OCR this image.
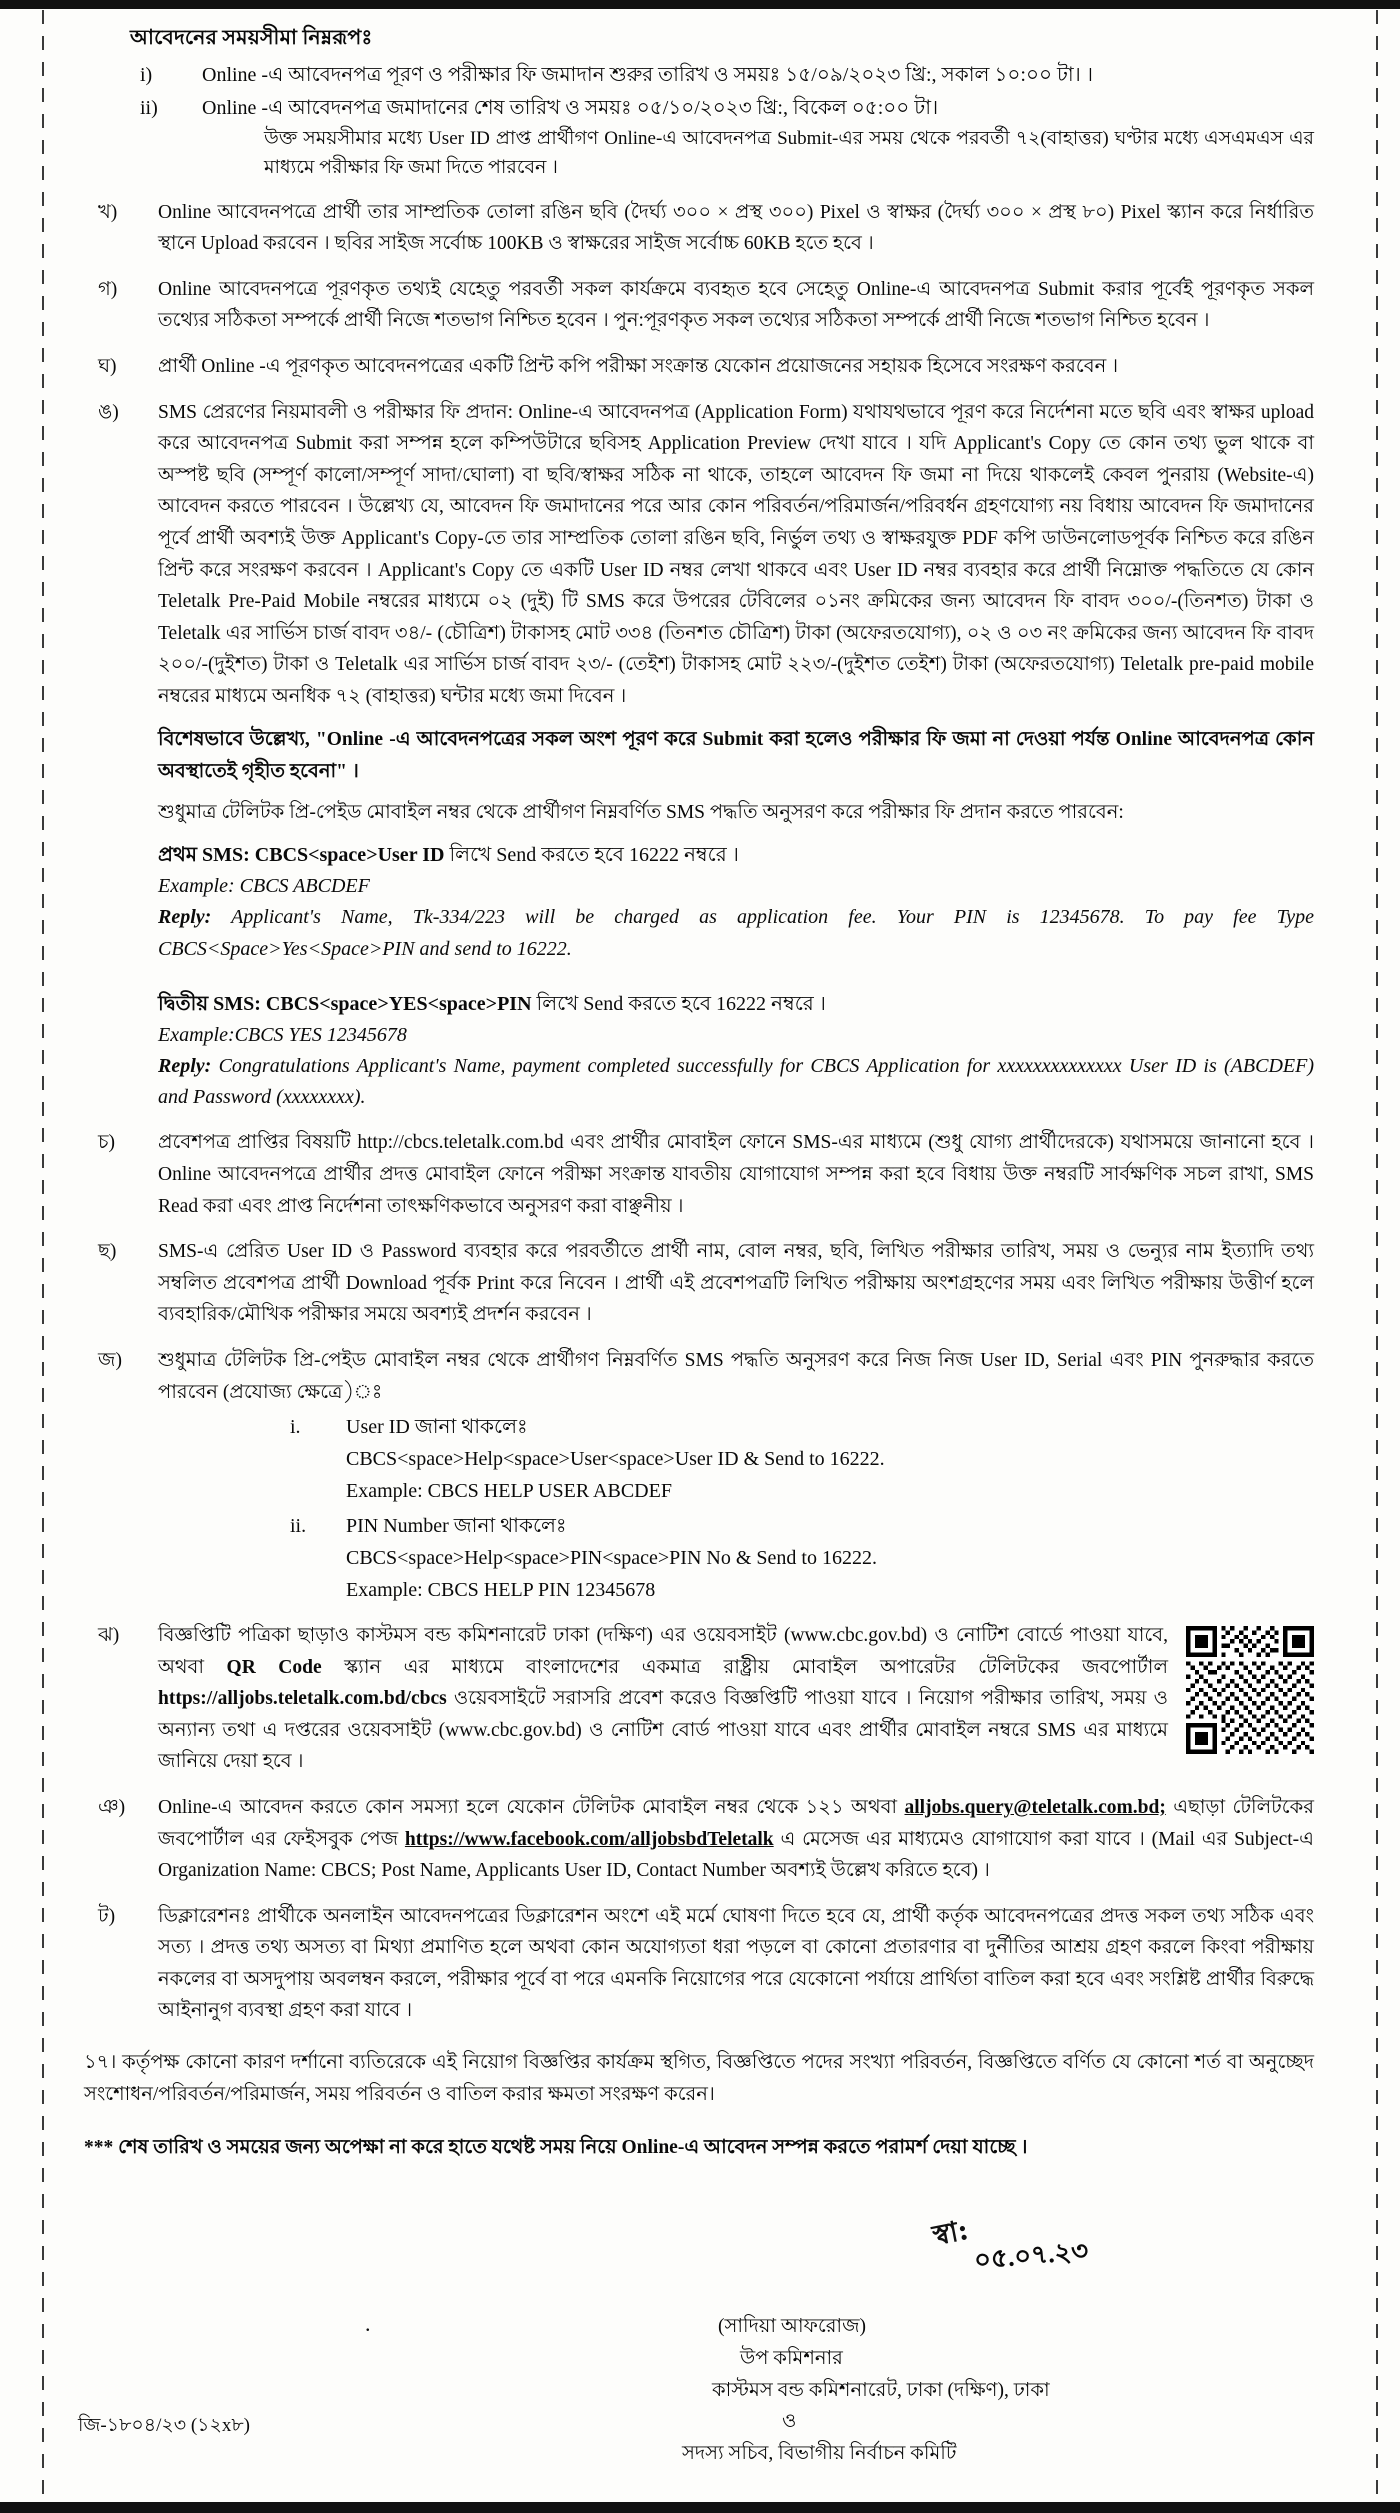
আবেদনের সময়সীমা নিম্নরূপঃ
i)	Online -এ আবেদনপত্র পূরণ ও পরীক্ষার ফি জমাদান শুরুর তারিখ ও সময়ঃ ১৫/০৯/২০২৩ খ্রি:, সকাল ১০:০০ টা। ।
ii)	Online -এ আবেদনপত্র জমাদানের শেষ তারিখ ও সময়ঃ ০৫/১০/২০২৩ খ্রি:, বিকেল ০৫:০০ টা।
উক্ত সময়সীমার মধ্যে User ID প্রাপ্ত প্রার্থীগণ Online-এ আবেদনপত্র Submit-এর সময় থেকে পরবর্তী ৭২(বাহাত্তর) ঘণ্টার মধ্যে এসএমএস এর মাধ্যমে পরীক্ষার ফি জমা দিতে পারবেন ।
খ)	Online আবেদনপত্রে প্রার্থী তার সাম্প্রতিক তোলা রঙিন ছবি (দৈর্ঘ্য ৩০০ × প্রস্থ ৩০০) Pixel ও স্বাক্ষর (দৈর্ঘ্য ৩০০ × প্রস্থ ৮০) Pixel স্ক্যান করে নির্ধারিত স্থানে Upload করবেন । ছবির সাইজ সর্বোচ্চ 100KB ও স্বাক্ষরের সাইজ সর্বোচ্চ 60KB হতে হবে ।
গ)	Online আবেদনপত্রে পূরণকৃত তথ্যই যেহেতু পরবর্তী সকল কার্যক্রমে ব্যবহৃত হবে সেহেতু Online-এ আবেদনপত্র Submit করার পূর্বেই পূরণকৃত সকল তথ্যের সঠিকতা সম্পর্কে প্রার্থী নিজে শতভাগ নিশ্চিত হবেন । পুন:পূরণকৃত সকল তথ্যের সঠিকতা সম্পর্কে প্রার্থী নিজে শতভাগ নিশ্চিত হবেন ।
ঘ)	প্রার্থী Online -এ পূরণকৃত আবেদনপত্রের একটি প্রিন্ট কপি পরীক্ষা সংক্রান্ত যেকোন প্রয়োজনের সহায়ক হিসেবে সংরক্ষণ করবেন ।
ঙ)	SMS প্রেরণের নিয়মাবলী ও পরীক্ষার ফি প্রদান: Online-এ আবেদনপত্র (Application Form) যথাযথভাবে পূরণ করে নির্দেশনা মতে ছবি এবং স্বাক্ষর upload করে আবেদনপত্র Submit করা সম্পন্ন হলে কম্পিউটারে ছবিসহ Application Preview দেখা যাবে । যদি Applicant's Copy তে কোন তথ্য ভুল থাকে বা অস্পষ্ট ছবি (সম্পূর্ণ কালো/সম্পূর্ণ সাদা/ঘোলা) বা ছবি/স্বাক্ষর সঠিক না থাকে, তাহলে আবেদন ফি জমা না দিয়ে থাকলেই কেবল পুনরায় (Website-এ) আবেদন করতে পারবেন । উল্লেখ্য যে, আবেদন ফি জমাদানের পরে আর কোন পরিবর্তন/পরিমার্জন/পরিবর্ধন গ্রহণযোগ্য নয় বিধায় আবেদন ফি জমাদানের পূর্বে প্রার্থী অবশ্যই উক্ত Applicant's Copy-তে তার সাম্প্রতিক তোলা রঙিন ছবি, নির্ভুল তথ্য ও স্বাক্ষরযুক্ত PDF কপি ডাউনলোডপূর্বক নিশ্চিত করে রঙিন প্রিন্ট করে সংরক্ষণ করবেন । Applicant's Copy তে একটি User ID নম্বর লেখা থাকবে এবং User ID নম্বর ব্যবহার করে প্রার্থী নিম্নোক্ত পদ্ধতিতে যে কোন Teletalk Pre-Paid Mobile নম্বরের মাধ্যমে ০২ (দুই) টি SMS করে উপরের টেবিলের ০১নং ক্রমিকের জন্য আবেদন ফি বাবদ ৩০০/-(তিনশত) টাকা ও Teletalk এর সার্ভিস চার্জ বাবদ ৩৪/- (চৌত্রিশ) টাকাসহ মোট ৩৩৪ (তিনশত চৌত্রিশ) টাকা (অফেরতযোগ্য), ০২ ও ০৩ নং ক্রমিকের জন্য আবেদন ফি বাবদ ২০০/-(দুইশত) টাকা ও Teletalk এর সার্ভিস চার্জ বাবদ ২৩/- (তেইশ) টাকাসহ মোট ২২৩/-(দুইশত তেইশ) টাকা (অফেরতযোগ্য) Teletalk pre-paid mobile নম্বরের মাধ্যমে অনধিক ৭২ (বাহাত্তর) ঘন্টার মধ্যে জমা দিবেন ।
বিশেষভাবে উল্লেখ্য, "Online -এ আবেদনপত্রের সকল অংশ পূরণ করে Submit করা হলেও পরীক্ষার ফি জমা না দেওয়া পর্যন্ত Online আবেদনপত্র কোন অবস্থাতেই গৃহীত হবেনা" ।
শুধুমাত্র টেলিটক প্রি-পেইড মোবাইল নম্বর থেকে প্রার্থীগণ নিম্নবর্ণিত SMS পদ্ধতি অনুসরণ করে পরীক্ষার ফি প্রদান করতে পারবেন:
প্রথম SMS: CBCS<space>User ID লিখে Send করতে হবে 16222 নম্বরে ।
Example: CBCS ABCDEF
Reply: Applicant's Name, Tk-334/223 will be charged as application fee. Your PIN is 12345678. To pay fee Type CBCS<Space>Yes<Space>PIN and send to 16222.
দ্বিতীয় SMS: CBCS<space>YES<space>PIN লিখে Send করতে হবে 16222 নম্বরে ।
Example:CBCS YES 12345678
Reply: Congratulations Applicant's Name, payment completed successfully for CBCS Application for xxxxxxxxxxxxxx User ID is (ABCDEF) and Password (xxxxxxxx).
চ)	প্রবেশপত্র প্রাপ্তির বিষয়টি http://cbcs.teletalk.com.bd এবং প্রার্থীর মোবাইল ফোনে SMS-এর মাধ্যমে (শুধু যোগ্য প্রার্থীদেরকে) যথাসময়ে জানানো হবে । Online আবেদনপত্রে প্রার্থীর প্রদত্ত মোবাইল ফোনে পরীক্ষা সংক্রান্ত যাবতীয় যোগাযোগ সম্পন্ন করা হবে বিধায় উক্ত নম্বরটি সার্বক্ষণিক সচল রাখা, SMS Read করা এবং প্রাপ্ত নির্দেশনা তাৎক্ষণিকভাবে অনুসরণ করা বাঞ্ছনীয় ।
ছ)	SMS-এ প্রেরিত User ID ও Password ব্যবহার করে পরবর্তীতে প্রার্থী নাম, বোল নম্বর, ছবি, লিখিত পরীক্ষার তারিখ, সময় ও ভেন্যুর নাম ইত্যাদি তথ্য সম্বলিত প্রবেশপত্র প্রার্থী Download পূর্বক Print করে নিবেন । প্রার্থী এই প্রবেশপত্রটি লিখিত পরীক্ষায় অংশগ্রহণের সময় এবং লিখিত পরীক্ষায় উত্তীর্ণ হলে ব্যবহারিক/মৌখিক পরীক্ষার সময়ে অবশ্যই প্রদর্শন করবেন ।
জ)	শুধুমাত্র টেলিটক প্রি-পেইড মোবাইল নম্বর থেকে প্রার্থীগণ নিম্নবর্ণিত SMS পদ্ধতি অনুসরণ করে নিজ নিজ User ID, Serial এবং PIN পুনরুদ্ধার করতে পারবেন (প্রযোজ্য ক্ষেত্রে)ঃ
i.	User ID জানা থাকলেঃ
CBCS<space>Help<space>User<space>User ID & Send to 16222.
Example: CBCS HELP USER ABCDEF
ii.	PIN Number জানা থাকলেঃ
CBCS<space>Help<space>PIN<space>PIN No & Send to 16222.
Example: CBCS HELP PIN 12345678
ঝ)	বিজ্ঞপ্তিটি পত্রিকা ছাড়াও কাস্টমস বন্ড কমিশনারেট ঢাকা (দক্ষিণ) এর ওয়েবসাইট (www.cbc.gov.bd) ও নোটিশ বোর্ডে পাওয়া যাবে, অথবা QR Code স্ক্যান এর মাধ্যমে বাংলাদেশের একমাত্র রাষ্ট্রীয় মোবাইল অপারেটর টেলিটকের জবপোর্টাল https://alljobs.teletalk.com.bd/cbcs ওয়েবসাইটে সরাসরি প্রবেশ করেও বিজ্ঞপ্তিটি পাওয়া যাবে । নিয়োগ পরীক্ষার তারিখ, সময় ও অন্যান্য তথা এ দপ্তরের ওয়েবসাইট (www.cbc.gov.bd) ও নোটিশ বোর্ড পাওয়া যাবে এবং প্রার্থীর মোবাইল নম্বরে SMS এর মাধ্যমে জানিয়ে দেয়া হবে ।
ঞ)	Online-এ আবেদন করতে কোন সমস্যা হলে যেকোন টেলিটক মোবাইল নম্বর থেকে ১২১ অথবা alljobs.query@teletalk.com.bd; এছাড়া টেলিটকের জবপোর্টাল এর ফেইসবুক পেজ https://www.facebook.com/alljobsbdTeletalk এ মেসেজ এর মাধ্যমেও যোগাযোগ করা যাবে । (Mail এর Subject-এ Organization Name: CBCS; Post Name, Applicants User ID, Contact Number অবশ্যই উল্লেখ করিতে হবে) ।
ট)	ডিক্লারেশনঃ প্রার্থীকে অনলাইন আবেদনপত্রের ডিক্লারেশন অংশে এই মর্মে ঘোষণা দিতে হবে যে, প্রার্থী কর্তৃক আবেদনপত্রের প্রদত্ত সকল তথ্য সঠিক এবং সত্য । প্রদত্ত তথ্য অসত্য বা মিথ্যা প্রমাণিত হলে অথবা কোন অযোগ্যতা ধরা পড়লে বা কোনো প্রতারণার বা দুর্নীতির আশ্রয় গ্রহণ করলে কিংবা পরীক্ষায় নকলের বা অসদুপায় অবলম্বন করলে, পরীক্ষার পূর্বে বা পরে এমনকি নিয়োগের পরে যেকোনো পর্যায়ে প্রার্থিতা বাতিল করা হবে এবং সংশ্লিষ্ট প্রার্থীর বিরুদ্ধে আইনানুগ ব্যবস্থা গ্রহণ করা যাবে ।
১৭। কর্তৃপক্ষ কোনো কারণ দর্শানো ব্যতিরেকে এই নিয়োগ বিজ্ঞপ্তির কার্যক্রম স্থগিত, বিজ্ঞপ্তিতে পদের সংখ্যা পরিবর্তন, বিজ্ঞপ্তিতে বর্ণিত যে কোনো শর্ত বা অনুচ্ছেদ সংশোধন/পরিবর্তন/পরিমার্জন, সময় পরিবর্তন ও বাতিল করার ক্ষমতা সংরক্ষণ করেন।
*** শেষ তারিখ ও সময়ের জন্য অপেক্ষা না করে হাতে যথেষ্ট সময় নিয়ে Online-এ আবেদন সম্পন্ন করতে পরামর্শ দেয়া যাচ্ছে ।
স্বা:
০৫.০৭.২৩
.	(সাদিয়া আফরোজ)
উপ কমিশনার
কাস্টমস বন্ড কমিশনারেট, ঢাকা (দক্ষিণ), ঢাকা
ও
সদস্য সচিব, বিভাগীয় নির্বাচন কমিটি
জি-১৮০৪/২৩ (১২x৮)
